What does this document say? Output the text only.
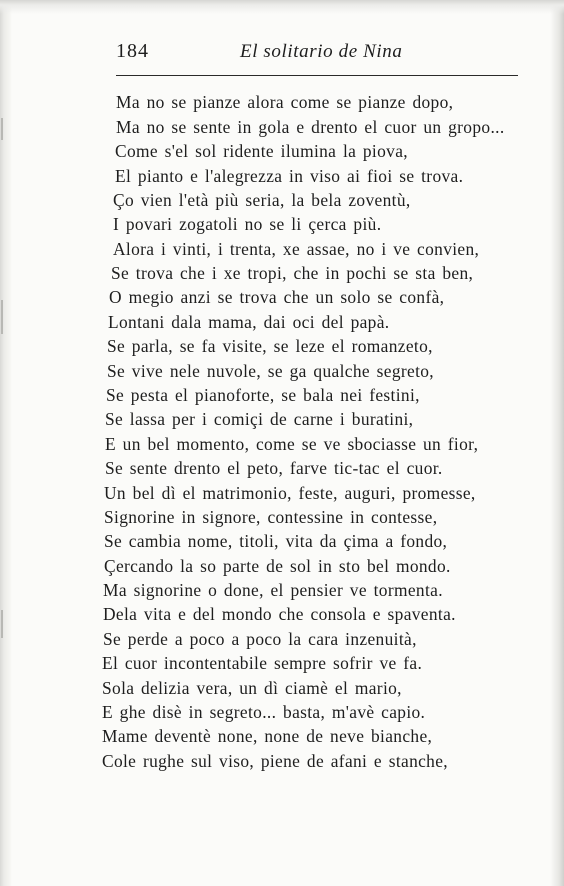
184	El solitario de Nina
Ma no se pianze alora come se pianze dopo,
Ma no se sente in gola e drento el cuor un gropo...
Come s'el sol ridente ilumina la piova,
El pianto e l'alegrezza in viso ai fioi se trova.
Ço vien l'età più seria, la bela zoventù,
I povari zogatoli no se li çerca più.
Alora i vinti, i trenta, xe assae, no i ve convien,
Se trova che i xe tropi, che in pochi se sta ben,
O megio anzi se trova che un solo se confà,
Lontani dala mama, dai oci del papà.
Se parla, se fa visite, se leze el romanzeto,
Se vive nele nuvole, se ga qualche segreto,
Se pesta el pianoforte, se bala nei festini,
Se lassa per i comiçi de carne i buratini,
E un bel momento, come se ve sbociasse un fior,
Se sente drento el peto, farve tic-tac el cuor.
Un bel dì el matrimonio, feste, auguri, promesse,
Signorine in signore, contessine in contesse,
Se cambia nome, titoli, vita da çima a fondo,
Çercando la so parte de sol in sto bel mondo.
Ma signorine o done, el pensier ve tormenta.
Dela vita e del mondo che consola e spaventa.
Se perde a poco a poco la cara inzenuità,
El cuor incontentabile sempre sofrir ve fa.
Sola delizia vera, un dì ciamè el mario,
E ghe disè in segreto... basta, m'avè capio.
Mame deventè none, none de neve bianche,
Cole rughe sul viso, piene de afani e stanche,
